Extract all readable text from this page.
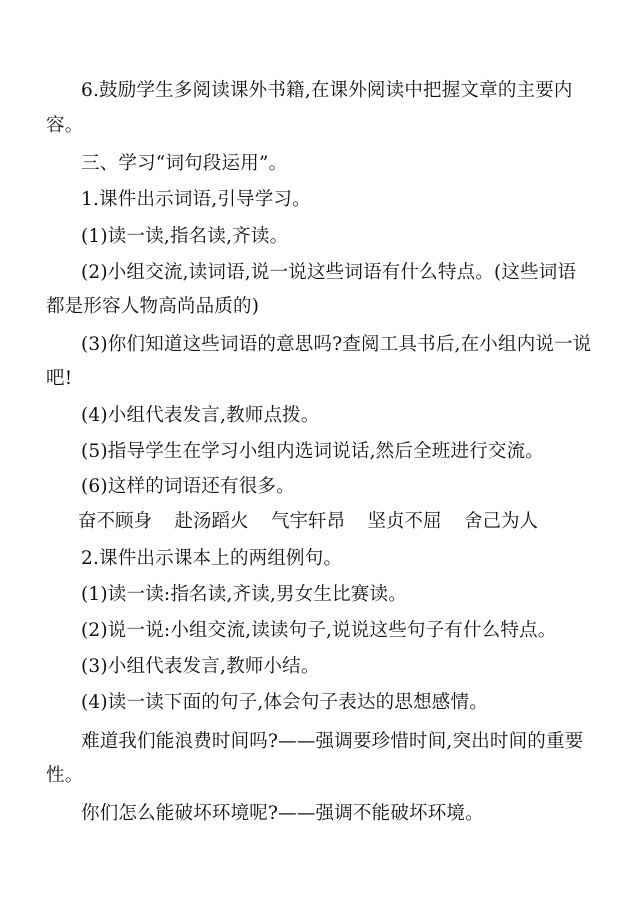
6.鼓励学生多阅读课外书籍,在课外阅读中把握文章的主要内
容。
三、学习“词句段运用”。
1.课件出示词语,引导学习。
(1)读一读,指名读,齐读。
(2)小组交流,读词语,说一说这些词语有什么特点。(这些词语
都是形容人物高尚品质的)
(3)你们知道这些词语的意思吗?查阅工具书后,在小组内说一说
吧!
(4)小组代表发言,教师点拨。
(5)指导学生在学习小组内选词说话,然后全班进行交流。
(6)这样的词语还有很多。
奋不顾身 赴汤蹈火 气宇轩昂 坚贞不屈 舍己为人
2.课件出示课本上的两组例句。
(1)读一读:指名读,齐读,男女生比赛读。
(2)说一说:小组交流,读读句子,说说这些句子有什么特点。
(3)小组代表发言,教师小结。
(4)读一读下面的句子,体会句子表达的思想感情。
难道我们能浪费时间吗?——强调要珍惜时间,突出时间的重要
性。
你们怎么能破坏环境呢?——强调不能破坏环境。
